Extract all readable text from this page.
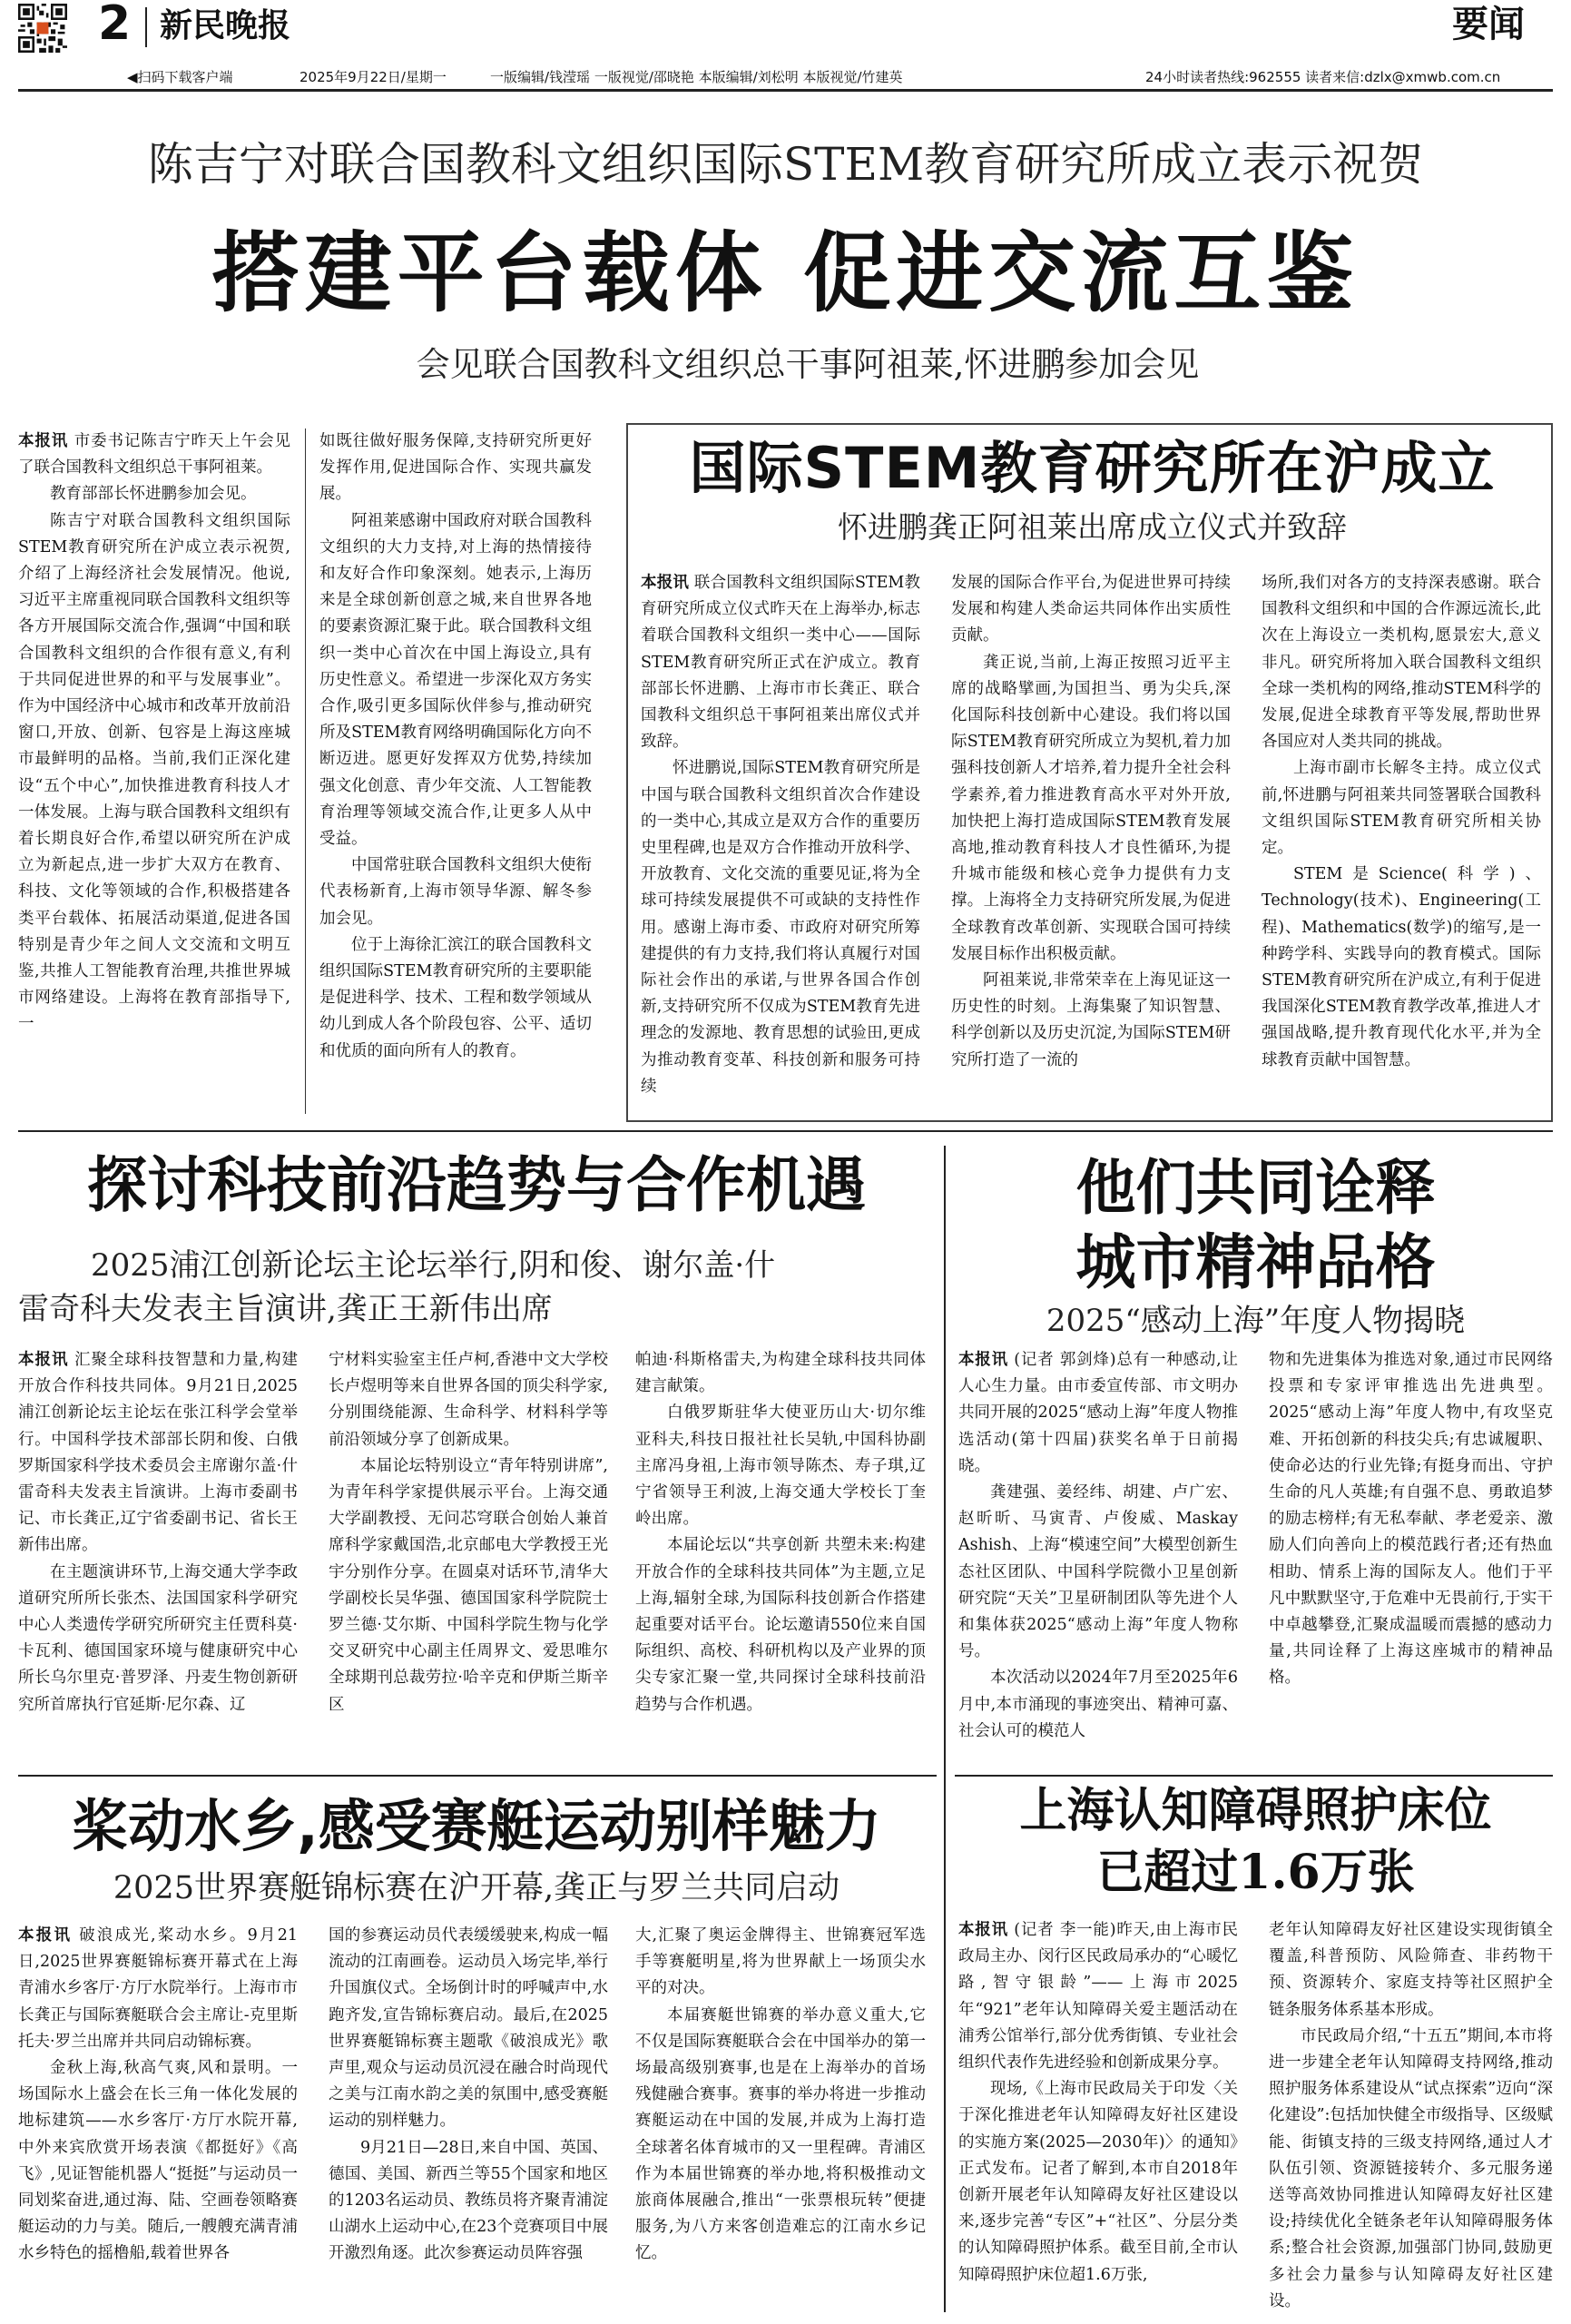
2 新民晚报	要闻
◀扫码下载客户端	2025年9月22日/星期一	一版编辑/钱滢瑶 一版视觉/邵晓艳 本版编辑/刘松明 本版视觉/竹建英	24小时读者热线:962555 读者来信:dzlx@xmwb.com.cn
陈吉宁对联合国教科文组织国际STEM教育研究所成立表示祝贺
搭建平台载体 促进交流互鉴
会见联合国教科文组织总干事阿祖莱,怀进鹏参加会见

本报讯 市委书记陈吉宁昨天上午会见了联合国教科文组织总干事阿祖莱。

教育部部长怀进鹏参加会见。

陈吉宁对联合国教科文组织国际STEM教育研究所在沪成立表示祝贺,介绍了上海经济社会发展情况。他说,习近平主席重视同联合国教科文组织等各方开展国际交流合作,强调“中国和联合国教科文组织的合作很有意义,有利于共同促进世界的和平与发展事业”。作为中国经济中心城市和改革开放前沿窗口,开放、创新、包容是上海这座城市最鲜明的品格。当前,我们正深化建设“五个中心”,加快推进教育科技人才一体发展。上海与联合国教科文组织有着长期良好合作,希望以研究所在沪成立为新起点,进一步扩大双方在教育、科技、文化等领域的合作,积极搭建各类平台载体、拓展活动渠道,促进各国特别是青少年之间人文交流和文明互鉴,共推人工智能教育治理,共推世界城市网络建设。上海将在教育部指导下,一

如既往做好服务保障,支持研究所更好发挥作用,促进国际合作、实现共赢发展。

阿祖莱感谢中国政府对联合国教科文组织的大力支持,对上海的热情接待和友好合作印象深刻。她表示,上海历来是全球创新创意之城,来自世界各地的要素资源汇聚于此。联合国教科文组织一类中心首次在中国上海设立,具有历史性意义。希望进一步深化双方务实合作,吸引更多国际伙伴参与,推动研究所及STEM教育网络明确国际化方向不断迈进。愿更好发挥双方优势,持续加强文化创意、青少年交流、人工智能教育治理等领域交流合作,让更多人从中受益。

中国常驻联合国教科文组织大使衔代表杨新育,上海市领导华源、解冬参加会见。

位于上海徐汇滨江的联合国教科文组织国际STEM教育研究所的主要职能是促进科学、技术、工程和数学领域从幼儿到成人各个阶段包容、公平、适切和优质的面向所有人的教育。

国际STEM教育研究所在沪成立
怀进鹏龚正阿祖莱出席成立仪式并致辞

本报讯 联合国教科文组织国际STEM教育研究所成立仪式昨天在上海举办,标志着联合国教科文组织一类中心——国际STEM教育研究所正式在沪成立。教育部部长怀进鹏、上海市市长龚正、联合国教科文组织总干事阿祖莱出席仪式并致辞。

怀进鹏说,国际STEM教育研究所是中国与联合国教科文组织首次合作建设的一类中心,其成立是双方合作的重要历史里程碑,也是双方合作推动开放科学、开放教育、文化交流的重要见证,将为全球可持续发展提供不可或缺的支持性作用。感谢上海市委、市政府对研究所筹建提供的有力支持,我们将认真履行对国际社会作出的承诺,与世界各国合作创新,支持研究所不仅成为STEM教育先进理念的发源地、教育思想的试验田,更成为推动教育变革、科技创新和服务可持续

发展的国际合作平台,为促进世界可持续发展和构建人类命运共同体作出实质性贡献。

龚正说,当前,上海正按照习近平主席的战略擘画,为国担当、勇为尖兵,深化国际科技创新中心建设。我们将以国际STEM教育研究所成立为契机,着力加强科技创新人才培养,着力提升全社会科学素养,着力推进教育高水平对外开放,加快把上海打造成国际STEM教育发展高地,推动教育科技人才良性循环,为提升城市能级和核心竞争力提供有力支撑。上海将全力支持研究所发展,为促进全球教育改革创新、实现联合国可持续发展目标作出积极贡献。

阿祖莱说,非常荣幸在上海见证这一历史性的时刻。上海集聚了知识智慧、科学创新以及历史沉淀,为国际STEM研究所打造了一流的

场所,我们对各方的支持深表感谢。联合国教科文组织和中国的合作源远流长,此次在上海设立一类机构,愿景宏大,意义非凡。研究所将加入联合国教科文组织全球一类机构的网络,推动STEM科学的发展,促进全球教育平等发展,帮助世界各国应对人类共同的挑战。

上海市副市长解冬主持。成立仪式前,怀进鹏与阿祖莱共同签署联合国教科文组织国际STEM教育研究所相关协定。

STEM是Science(科学)、Technology(技术)、Engineering(工程)、Mathematics(数学)的缩写,是一种跨学科、实践导向的教育模式。国际STEM教育研究所在沪成立,有利于促进我国深化STEM教育教学改革,推进人才强国战略,提升教育现代化水平,并为全球教育贡献中国智慧。

探讨科技前沿趋势与合作机遇
2025浦江创新论坛主论坛举行,阴和俊、谢尔盖·什
雷奇科夫发表主旨演讲,龚正王新伟出席

本报讯 汇聚全球科技智慧和力量,构建开放合作科技共同体。9月21日,2025浦江创新论坛主论坛在张江科学会堂举行。中国科学技术部部长阴和俊、白俄罗斯国家科学技术委员会主席谢尔盖·什雷奇科夫发表主旨演讲。上海市委副书记、市长龚正,辽宁省委副书记、省长王新伟出席。

在主题演讲环节,上海交通大学李政道研究所所长张杰、法国国家科学研究中心人类遗传学研究所研究主任贾科莫·卡瓦利、德国国家环境与健康研究中心所长乌尔里克·普罗泽、丹麦生物创新研究所首席执行官延斯·尼尔森、辽

宁材料实验室主任卢柯,香港中文大学校长卢煜明等来自世界各国的顶尖科学家,分别围绕能源、生命科学、材料科学等前沿领域分享了创新成果。

本届论坛特别设立“青年特别讲席”,为青年科学家提供展示平台。上海交通大学副教授、无问芯穹联合创始人兼首席科学家戴国浩,北京邮电大学教授王光宇分别作分享。在圆桌对话环节,清华大学副校长吴华强、德国国家科学院院士罗兰德·艾尔斯、中国科学院生物与化学交叉研究中心副主任周界文、爱思唯尔全球期刊总裁劳拉·哈辛克和伊斯兰斯辛区

帕迪·科斯格雷夫,为构建全球科技共同体建言献策。

白俄罗斯驻华大使亚历山大·切尔维亚科夫,科技日报社社长吴轨,中国科协副主席冯身祖,上海市领导陈杰、寿子琪,辽宁省领导王利波,上海交通大学校长丁奎岭出席。

本届论坛以“共享创新 共塑未来:构建开放合作的全球科技共同体”为主题,立足上海,辐射全球,为国际科技创新合作搭建起重要对话平台。论坛邀请550位来自国际组织、高校、科研机构以及产业界的顶尖专家汇聚一堂,共同探讨全球科技前沿趋势与合作机遇。

他们共同诠释
城市精神品格
2025“感动上海”年度人物揭晓

本报讯 (记者 郭剑烽)总有一种感动,让人心生力量。由市委宣传部、市文明办共同开展的2025“感动上海”年度人物推选活动(第十四届)获奖名单于日前揭晓。

龚建强、姜经纬、胡建、卢广宏、赵昕昕、马寅青、卢俊威、Maskay Ashish、上海“模速空间”大模型创新生态社区团队、中国科学院微小卫星创新研究院“天关”卫星研制团队等先进个人和集体获2025“感动上海”年度人物称号。

本次活动以2024年7月至2025年6月中,本市涌现的事迹突出、精神可嘉、社会认可的模范人

物和先进集体为推选对象,通过市民网络投票和专家评审推选出先进典型。2025“感动上海”年度人物中,有攻坚克难、开拓创新的科技尖兵;有忠诚履职、使命必达的行业先锋;有挺身而出、守护生命的凡人英雄;有自强不息、勇敢追梦的励志榜样;有无私奉献、孝老爱亲、激励人们向善向上的模范践行者;还有热血相助、情系上海的国际友人。他们于平凡中默默坚守,于危难中无畏前行,于实干中卓越攀登,汇聚成温暖而震撼的感动力量,共同诠释了上海这座城市的精神品格。

桨动水乡,感受赛艇运动别样魅力
2025世界赛艇锦标赛在沪开幕,龚正与罗兰共同启动

本报讯 破浪成光,桨动水乡。9月21日,2025世界赛艇锦标赛开幕式在上海青浦水乡客厅·方厅水院举行。上海市市长龚正与国际赛艇联合会主席让-克里斯托夫·罗兰出席并共同启动锦标赛。

金秋上海,秋高气爽,风和景明。一场国际水上盛会在长三角一体化发展的地标建筑——水乡客厅·方厅水院开幕,中外来宾欣赏开场表演《都挺好》《高飞》,见证智能机器人“挺挺”与运动员一同划桨奋进,通过海、陆、空画卷领略赛艇运动的力与美。随后,一艘艘充满青浦水乡特色的摇橹船,载着世界各

国的参赛运动员代表缓缓驶来,构成一幅流动的江南画卷。运动员入场完毕,举行升国旗仪式。全场倒计时的呼喊声中,水跑齐发,宣告锦标赛启动。最后,在2025世界赛艇锦标赛主题歌《破浪成光》歌声里,观众与运动员沉浸在融合时尚现代之美与江南水韵之美的氛围中,感受赛艇运动的别样魅力。

9月21日—28日,来自中国、英国、德国、美国、新西兰等55个国家和地区的1203名运动员、教练员将齐聚青浦淀山湖水上运动中心,在23个竞赛项目中展开激烈角逐。此次参赛运动员阵容强

大,汇聚了奥运金牌得主、世锦赛冠军选手等赛艇明星,将为世界献上一场顶尖水平的对决。

本届赛艇世锦赛的举办意义重大,它不仅是国际赛艇联合会在中国举办的第一场最高级别赛事,也是在上海举办的首场残健融合赛事。赛事的举办将进一步推动赛艇运动在中国的发展,并成为上海打造全球著名体育城市的又一里程碑。青浦区作为本届世锦赛的举办地,将积极推动文旅商体展融合,推出“一张票根玩转”便捷服务,为八方来客创造难忘的江南水乡记忆。

上海认知障碍照护床位
已超过1.6万张

本报讯 (记者 李一能)昨天,由上海市民政局主办、闵行区民政局承办的“心暖忆路,智守银龄”——上海市2025年“921”老年认知障碍关爱主题活动在浦秀公馆举行,部分优秀街镇、专业社会组织代表作先进经验和创新成果分享。

现场,《上海市民政局关于印发〈关于深化推进老年认知障碍友好社区建设的实施方案(2025—2030年)〉的通知》正式发布。记者了解到,本市自2018年创新开展老年认知障碍友好社区建设以来,逐步完善“专区”+“社区”、分层分类的认知障碍照护体系。截至目前,全市认知障碍照护床位超1.6万张,

老年认知障碍友好社区建设实现街镇全覆盖,科普预防、风险筛查、非药物干预、资源转介、家庭支持等社区照护全链条服务体系基本形成。

市民政局介绍,“十五五”期间,本市将进一步建全老年认知障碍支持网络,推动照护服务体系建设从“试点探索”迈向“深化建设”:包括加快健全市级指导、区级赋能、街镇支持的三级支持网络,通过人才队伍引领、资源链接转介、多元服务递送等高效协同推进认知障碍友好社区建设;持续优化全链条老年认知障碍服务体系;整合社会资源,加强部门协同,鼓励更多社会力量参与认知障碍友好社区建设。
